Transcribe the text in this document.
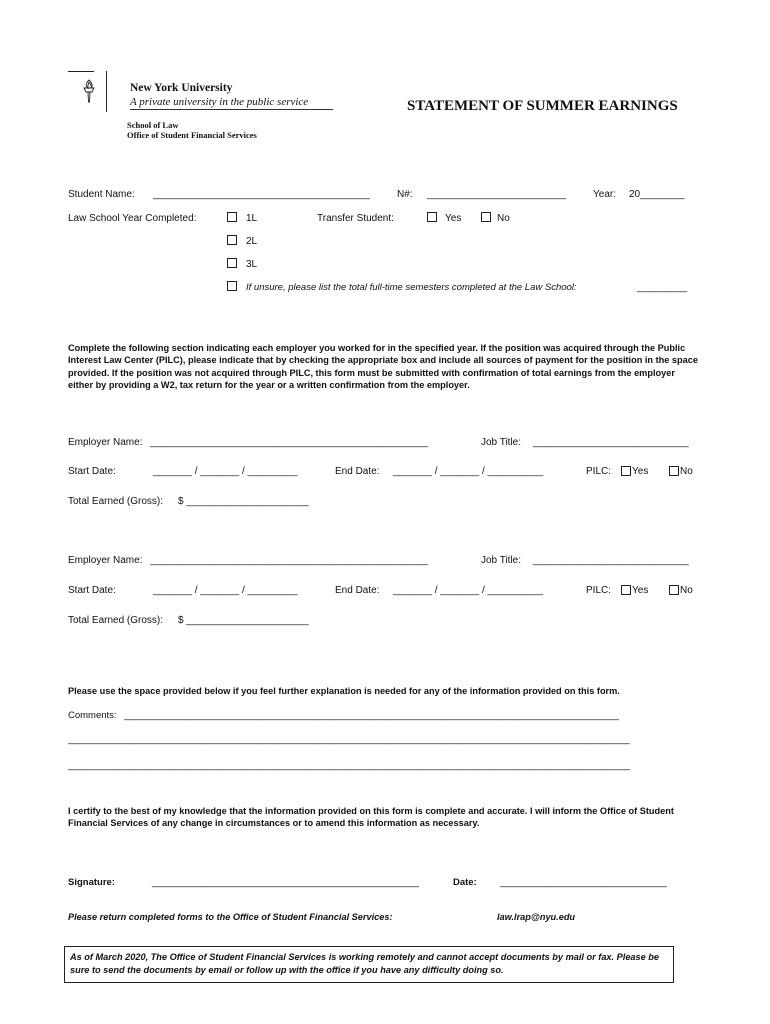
New York University
A private university in the public service
School of Law
Office of Student Financial Services
STATEMENT OF SUMMER EARNINGS
Student Name: _______________________________________	N#: _________________________	Year: 20________
Law School Year Completed:	1L	Transfer Student:	Yes	No
2L
3L
If unsure, please list the total full-time semesters completed at the Law School:	_________
Complete the following section indicating each employer you worked for in the specified year. If the position was acquired through the Public Interest Law Center (PILC), please indicate that by checking the appropriate box and include all sources of payment for the position in the space provided. If the position was not acquired through PILC, this form must be submitted with confirmation of total earnings from the employer either by providing a W2, tax return for the year or a written confirmation from the employer.
Employer Name: __________________________________________________	Job Title: ____________________________
Start Date:	_______ / _______ / _________	End Date: _______ / _______ / __________	PILC: Yes	No
Total Earned (Gross): $ ______________________
Employer Name: __________________________________________________	Job Title: ____________________________
Start Date:	_______ / _______ / _________	End Date: _______ / _______ / __________	PILC: Yes	No
Total Earned (Gross): $ ______________________
Please use the space provided below if you feel further explanation is needed for any of the information provided on this form.
Comments: _________________________________________________________________________________________
_____________________________________________________________________________________________________
_____________________________________________________________________________________________________
I certify to the best of my knowledge that the information provided on this form is complete and accurate. I will inform the Office of Student Financial Services of any change in circumstances or to amend this information as necessary.
Signature:	________________________________________________	Date: ______________________________
Please return completed forms to the Office of Student Financial Services:	law.lrap@nyu.edu
As of March 2020, The Office of Student Financial Services is working remotely and cannot accept documents by mail or fax. Please be sure to send the documents by email or follow up with the office if you have any difficulty doing so.
